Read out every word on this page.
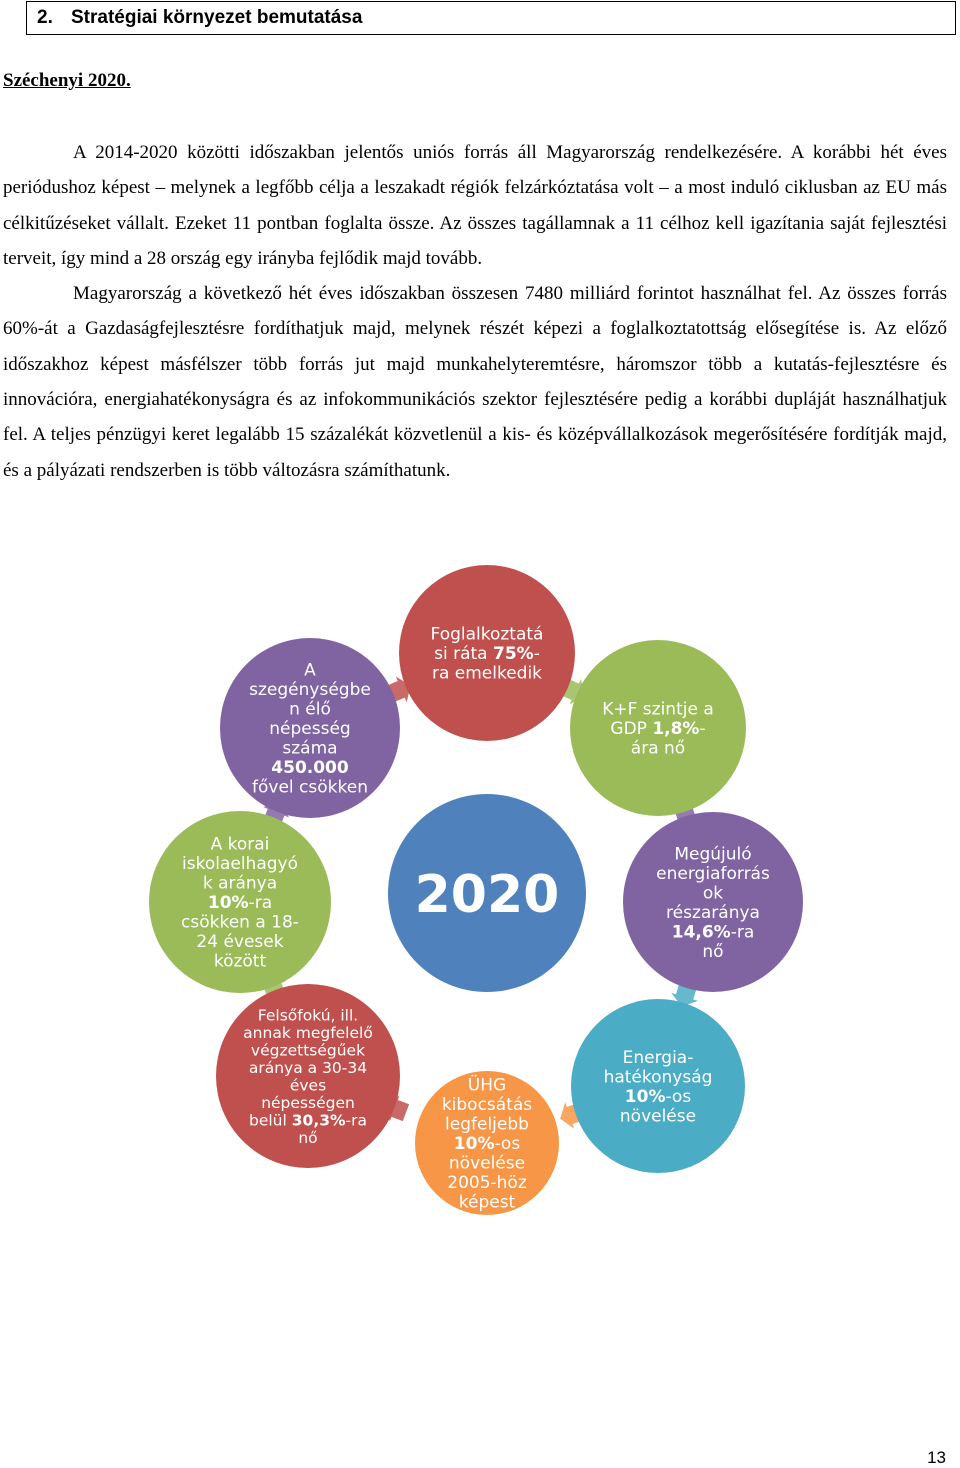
2. Stratégiai környezet bemutatása
Széchenyi 2020.

A 2014-2020 közötti időszakban jelentős uniós forrás áll Magyarország rendelkezésére. A korábbi hét éves periódushoz képest – melynek a legfőbb célja a leszakadt régiók felzárkóztatása volt – a most induló ciklusban az EU más célkitűzéseket vállalt. Ezeket 11 pontban foglalta össze. Az összes tagállamnak a 11 célhoz kell igazítania saját fejlesztési terveit, így mind a 28 ország egy irányba fejlődik majd tovább.

Magyarország a következő hét éves időszakban összesen 7480 milliárd forintot használhat fel. Az összes forrás 60%-át a Gazdaságfejlesztésre fordíthatjuk majd, melynek részét képezi a foglalkoztatottság elősegítése is. Az előző időszakhoz képest másfélszer több forrás jut majd munkahelyteremtésre, háromszor több a kutatás-fejlesztésre és innovációra, energiahatékonyságra és az infokommunikációs szektor fejlesztésére pedig a korábbi dupláját használhatjuk fel. A teljes pénzügyi keret legalább 15 százalékát közvetlenül a kis- és középvállalkozások megerősítésére fordítják majd, és a pályázati rendszerben is több változásra számíthatunk.

2020
Foglalkoztatá
si ráta 75%-
ra emelkedik
K+F szintje a
GDP 1,8%-
ára nő
Megújuló
energiaforrás
ok
részaránya
14,6%-ra
nő
Energia-
hatékonyság
10%-os
növelése
ÜHG
kibocsátás
legfeljebb
10%-os
növelése
2005-höz
képest
Felsőfokú, ill.
annak megfelelő
végzettségűek
aránya a 30-34
éves
népességen
belül 30,3%-ra
nő
A korai
iskolaelhagyó
k aránya
10%-ra
csökken a 18-
24 évesek
között
A
szegénységbe
n élő
népesség
száma
450.000
fővel csökken
13
